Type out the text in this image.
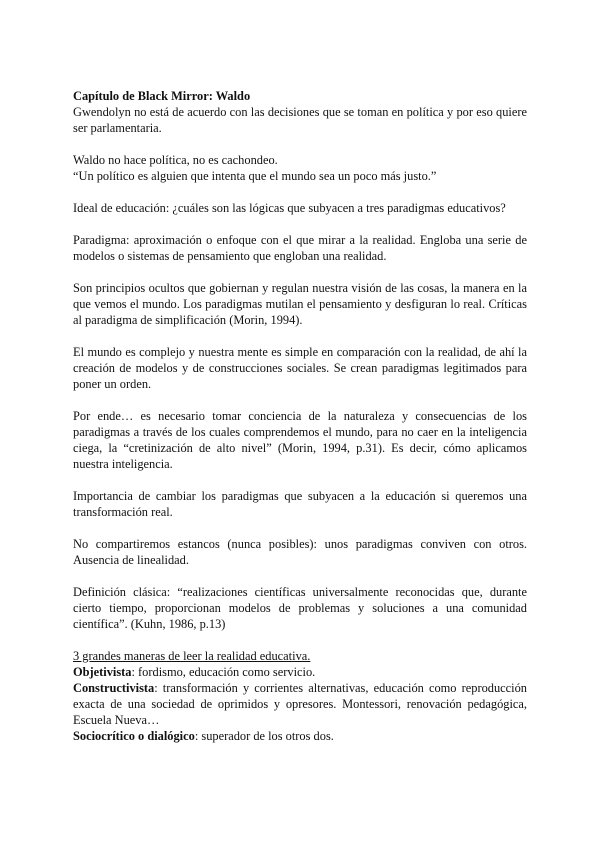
Capítulo de Black Mirror: Waldo

Gwendolyn no está de acuerdo con las decisiones que se toman en política y por eso quiere ser parlamentaria.

Waldo no hace política, no es cachondeo.

“Un político es alguien que intenta que el mundo sea un poco más justo.”

Ideal de educación: ¿cuáles son las lógicas que subyacen a tres paradigmas educativos?

Paradigma: aproximación o enfoque con el que mirar a la realidad. Engloba una serie de modelos o sistemas de pensamiento que engloban una realidad.

Son principios ocultos que gobiernan y regulan nuestra visión de las cosas, la manera en la que vemos el mundo. Los paradigmas mutilan el pensamiento y desfiguran lo real. Críticas al paradigma de simplificación (Morin, 1994).

El mundo es complejo y nuestra mente es simple en comparación con la realidad, de ahí la creación de modelos y de construcciones sociales. Se crean paradigmas legitimados para poner un orden.

Por ende… es necesario tomar conciencia de la naturaleza y consecuencias de los paradigmas a través de los cuales comprendemos el mundo, para no caer en la inteligencia ciega, la “cretinización de alto nivel” (Morin, 1994, p.31). Es decir, cómo aplicamos nuestra inteligencia.

Importancia de cambiar los paradigmas que subyacen a la educación si queremos una transformación real.

No compartiremos estancos (nunca posibles): unos paradigmas conviven con otros. Ausencia de linealidad.

Definición clásica: “realizaciones científicas universalmente reconocidas que, durante cierto tiempo, proporcionan modelos de problemas y soluciones a una comunidad científica”. (Kuhn, 1986, p.13)

3 grandes maneras de leer la realidad educativa.

Objetivista: fordismo, educación como servicio.

Constructivista: transformación y corrientes alternativas, educación como reproducción exacta de una sociedad de oprimidos y opresores. Montessori, renovación pedagógica, Escuela Nueva…

Sociocrítico o dialógico: superador de los otros dos.
